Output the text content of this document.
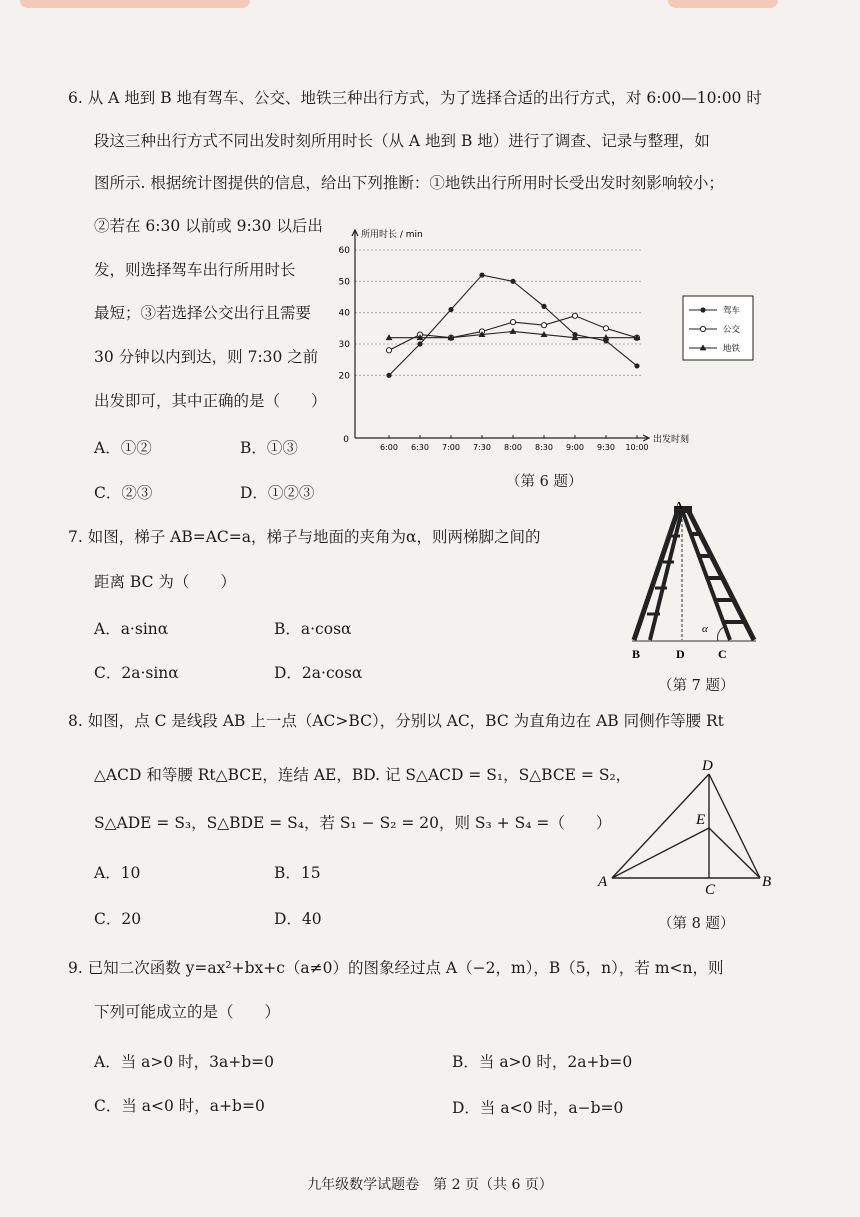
6. 从 A 地到 B 地有驾车、公交、地铁三种出行方式，为了选择合适的出行方式，对 6:00—10:00 时
段这三种出行方式不同出发时刻所用时长（从 A 地到 B 地）进行了调查、记录与整理，如
图所示. 根据统计图提供的信息，给出下列推断：①地铁出行所用时长受出发时刻影响较小；
②若在 6:30 以前或 9:30 以后出
发，则选择驾车出行所用时长
最短；③若选择公交出行且需要
30 分钟以内到达，则 7:30 之前
出发即可，其中正确的是（　　）
A．①②	B．①③
C．②③	D．①②③
所用时长 / min
出发时刻
0
20
30
40
50
60
6:00 6:30 7:00 7:30 8:00 8:30 9:00 9:30 10:00
驾车
公交
地铁
（第 6 题）
7. 如图，梯子 AB=AC=a，梯子与地面的夹角为α，则两梯脚之间的
距离 BC 为（　　）
A．a·sinα	B．a·cosα
C．2a·sinα	D．2a·cosα
A
B	D	C
α
（第 7 题）
8. 如图，点 C 是线段 AB 上一点（AC>BC），分别以 AC，BC 为直角边在 AB 同侧作等腰 Rt
△ACD 和等腰 Rt△BCE，连结 AE，BD. 记 S△ACD = S₁，S△BCE = S₂，
S△ADE = S₃，S△BDE = S₄，若 S₁ − S₂ = 20，则 S₃ + S₄ =（　　）
A．10	B．15
C．20	D．40
D
E
A	C	B
（第 8 题）
9. 已知二次函数 y=ax²+bx+c（a≠0）的图象经过点 A（−2，m），B（5，n），若 m<n，则
下列可能成立的是（　　）
A．当 a>0 时，3a+b=0	B．当 a>0 时，2a+b=0
C．当 a<0 时，a+b=0	D．当 a<0 时，a−b=0
九年级数学试题卷　第 2 页（共 6 页）
